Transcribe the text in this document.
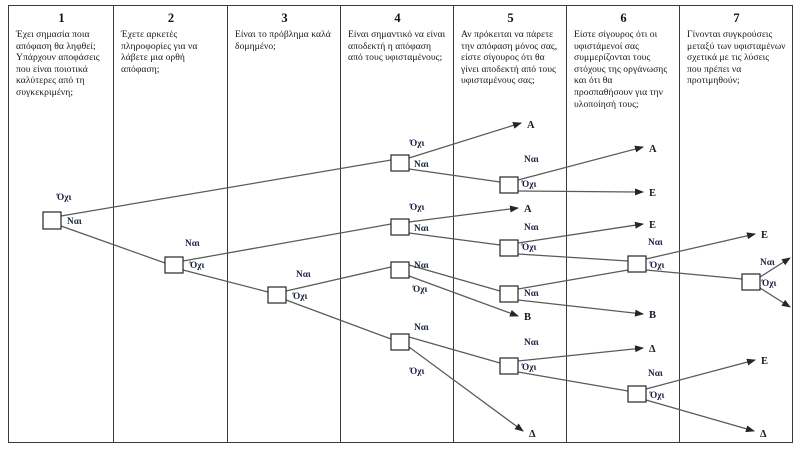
1
Έχει σημασία ποια απόφαση θα ληφθεί; Υπάρχουν αποφάσεις που είναι ποιοτικά καλύτερες από τη συγκεκριμένη;
2
Έχετε αρκετές πληροφορίες για να λάβετε μια ορθή απόφαση;
3
Είναι το πρόβλημα καλά δομημένο;
4
Είναι σημαντικό να είναι αποδεκτή η απόφαση από τους υφισταμένους;
5
Αν πρόκειται να πάρετε την απόφαση μόνος σας, είστε σίγουρος ότι θα γίνει αποδεκτή από τους υφισταμένους σας;
6
Είστε σίγουρος ότι οι υφιστάμενοί σας συμμερίζονται τους στόχους της οργάνωσης και ότι θα προσπαθήσουν για την υλοποίησή τους;
7
Γίνονται συγκρούσεις μεταξύ των υφισταμένων σχετικά με τις λύσεις που πρέπει να προτιμηθούν;
Όχι
Ναι
Ναι
Όχι
Ναι
Όχι
Όχι
Ναι
Όχι
Ναι
Ναι
Όχι
Ναι
Όχι
Ναι
Όχι
Ναι
Όχι
Ναι
Ναι
Όχι
Ναι
Όχι
Ναι
Όχι
Ναι
Όχι
A
A
A
E
E
E
B	B
Δ
E
Δ	Δ
